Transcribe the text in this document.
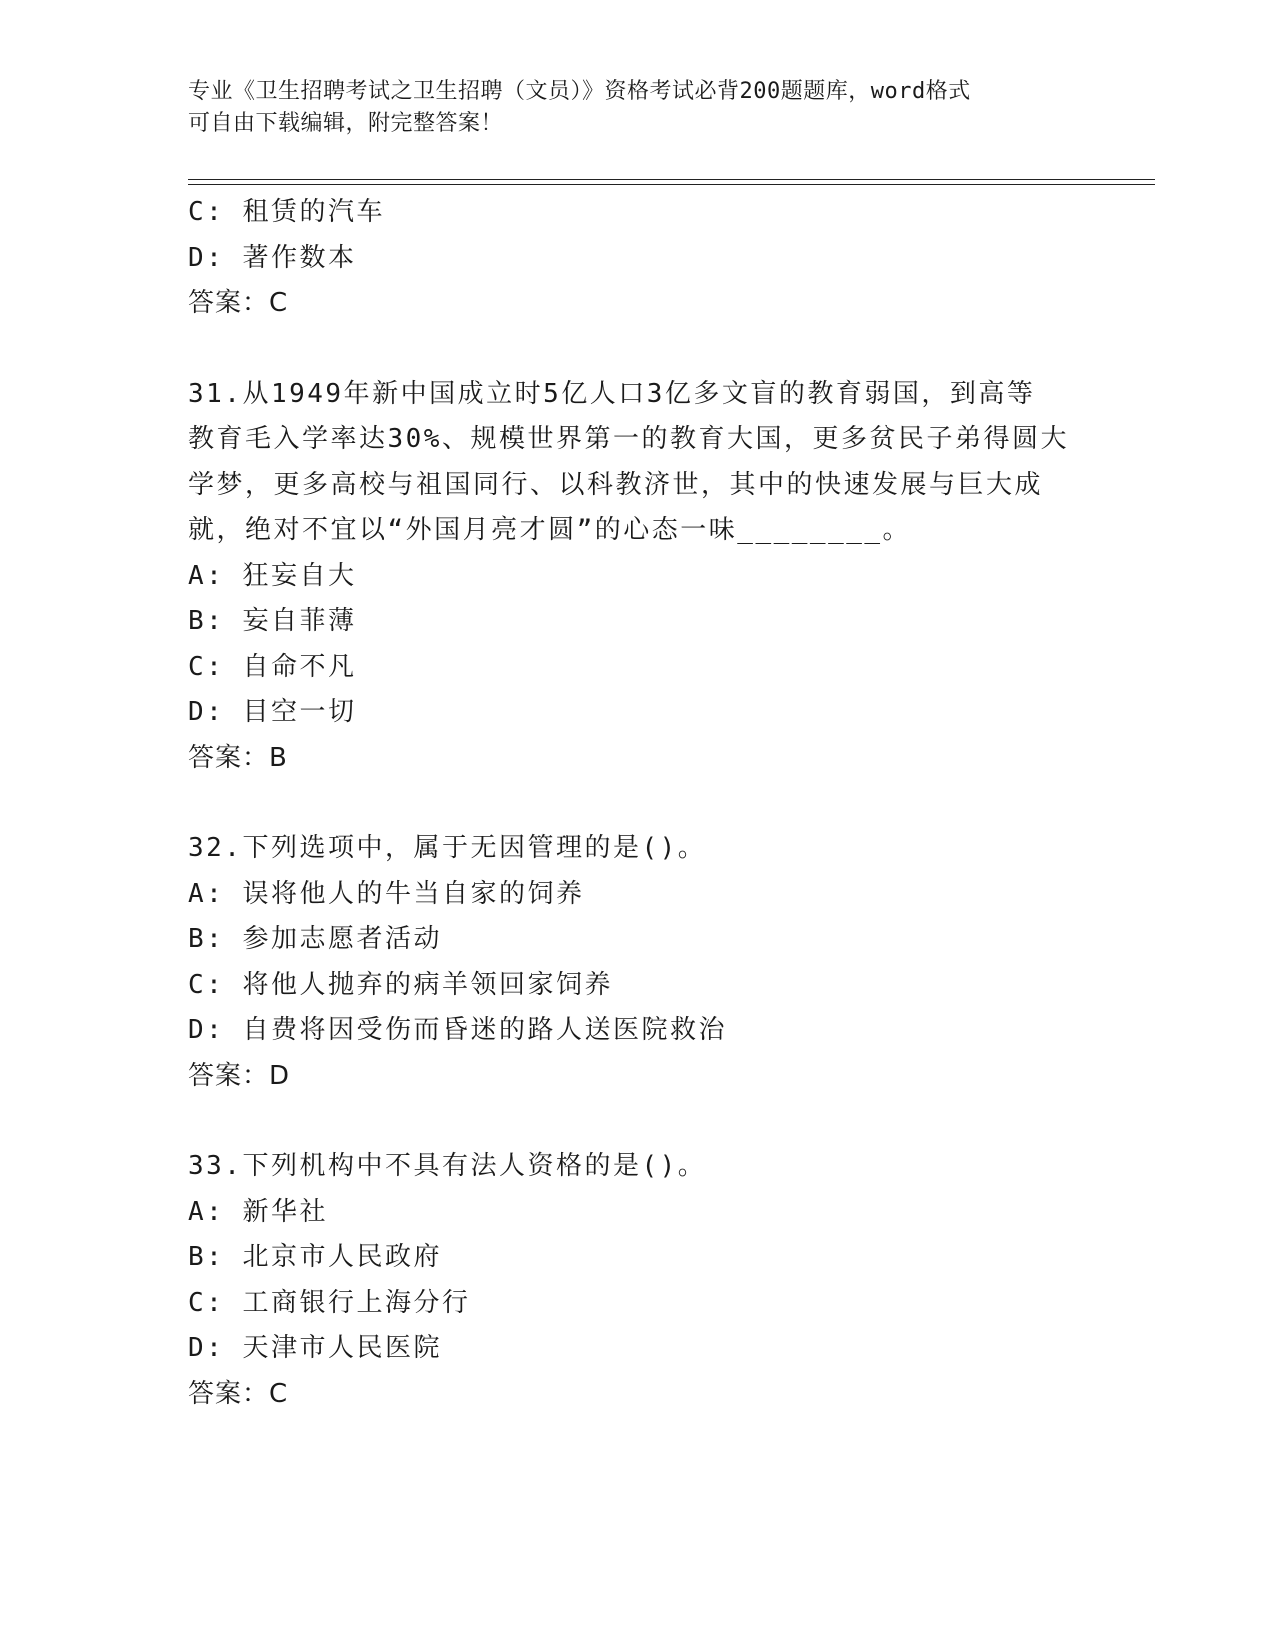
专业《卫生招聘考试之卫生招聘（文员）》资格考试必背200题题库，word格式
可自由下载编辑，附完整答案！
C: 租赁的汽车
D: 著作数本
答案：C
31.从1949年新中国成立时5亿人口3亿多文盲的教育弱国，到高等
教育毛入学率达30%、规模世界第一的教育大国，更多贫民子弟得圆大
学梦，更多高校与祖国同行、以科教济世，其中的快速发展与巨大成
就，绝对不宜以“外国月亮才圆”的心态一味________。
A: 狂妄自大
B: 妄自菲薄
C: 自命不凡
D: 目空一切
答案：B
32.下列选项中，属于无因管理的是()。
A: 误将他人的牛当自家的饲养
B: 参加志愿者活动
C: 将他人抛弃的病羊领回家饲养
D: 自费将因受伤而昏迷的路人送医院救治
答案：D
33.下列机构中不具有法人资格的是()。
A: 新华社
B: 北京市人民政府
C: 工商银行上海分行
D: 天津市人民医院
答案：C
